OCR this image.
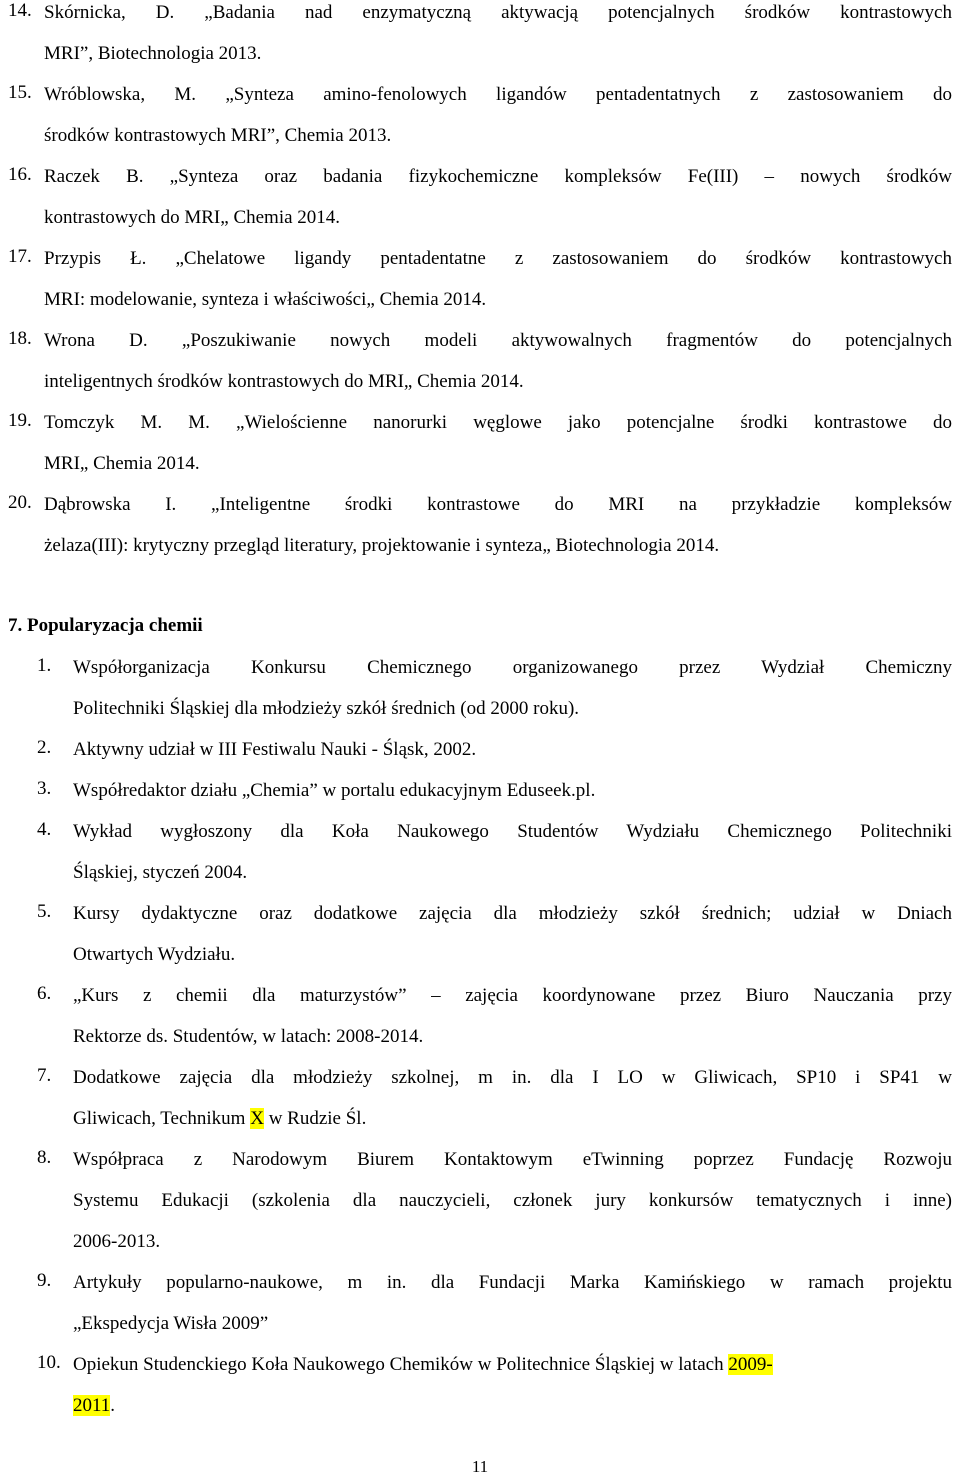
14. Skórnicka, D. „Badania nad enzymatyczną aktywacją potencjalnych środków kontrastowych
MRI”, Biotechnologia 2013.
15. Wróblowska, M. „Synteza amino-fenolowych ligandów pentadentatnych z zastosowaniem do
środków kontrastowych MRI”, Chemia 2013.
16. Raczek B. „Synteza oraz badania fizykochemiczne kompleksów Fe(III) – nowych środków
kontrastowych do MRI„ Chemia 2014.
17. Przypis Ł. „Chelatowe ligandy pentadentatne z zastosowaniem do środków kontrastowych
MRI: modelowanie, synteza i właściwości„ Chemia 2014.
18. Wrona D. „Poszukiwanie nowych modeli aktywowalnych fragmentów do potencjalnych
inteligentnych środków kontrastowych do MRI„ Chemia 2014.
19. Tomczyk M. M. „Wielościenne nanorurki węglowe jako potencjalne środki kontrastowe do
MRI„ Chemia 2014.
20. Dąbrowska I. „Inteligentne środki kontrastowe do MRI na przykładzie kompleksów
żelaza(III): krytyczny przegląd literatury, projektowanie i synteza„ Biotechnologia 2014.
7. Popularyzacja chemii
1. Współorganizacja Konkursu Chemicznego organizowanego przez Wydział Chemiczny
Politechniki Śląskiej dla młodzieży szkół średnich (od 2000 roku).
2. Aktywny udział w III Festiwalu Nauki - Śląsk, 2002.
3. Współredaktor działu „Chemia” w portalu edukacyjnym Eduseek.pl.
4. Wykład wygłoszony dla Koła Naukowego Studentów Wydziału Chemicznego Politechniki
Śląskiej, styczeń 2004.
5. Kursy dydaktyczne oraz dodatkowe zajęcia dla młodzieży szkół średnich; udział w Dniach
Otwartych Wydziału.
6. „Kurs z chemii dla maturzystów” – zajęcia koordynowane przez Biuro Nauczania przy
Rektorze ds. Studentów, w latach: 2008-2014.
7. Dodatkowe zajęcia dla młodzieży szkolnej, m in. dla I LO w Gliwicach, SP10 i SP41 w
Gliwicach, Technikum X w Rudzie Śl.
8. Współpraca z Narodowym Biurem Kontaktowym eTwinning poprzez Fundację Rozwoju
Systemu Edukacji (szkolenia dla nauczycieli, członek jury konkursów tematycznych i inne)
2006-2013.
9. Artykuły popularno-naukowe, m in. dla Fundacji Marka Kamińskiego w ramach projektu
„Ekspedycja Wisła 2009”
10. Opiekun Studenckiego Koła Naukowego Chemików w Politechnice Śląskiej w latach 2009-
2011.
11
